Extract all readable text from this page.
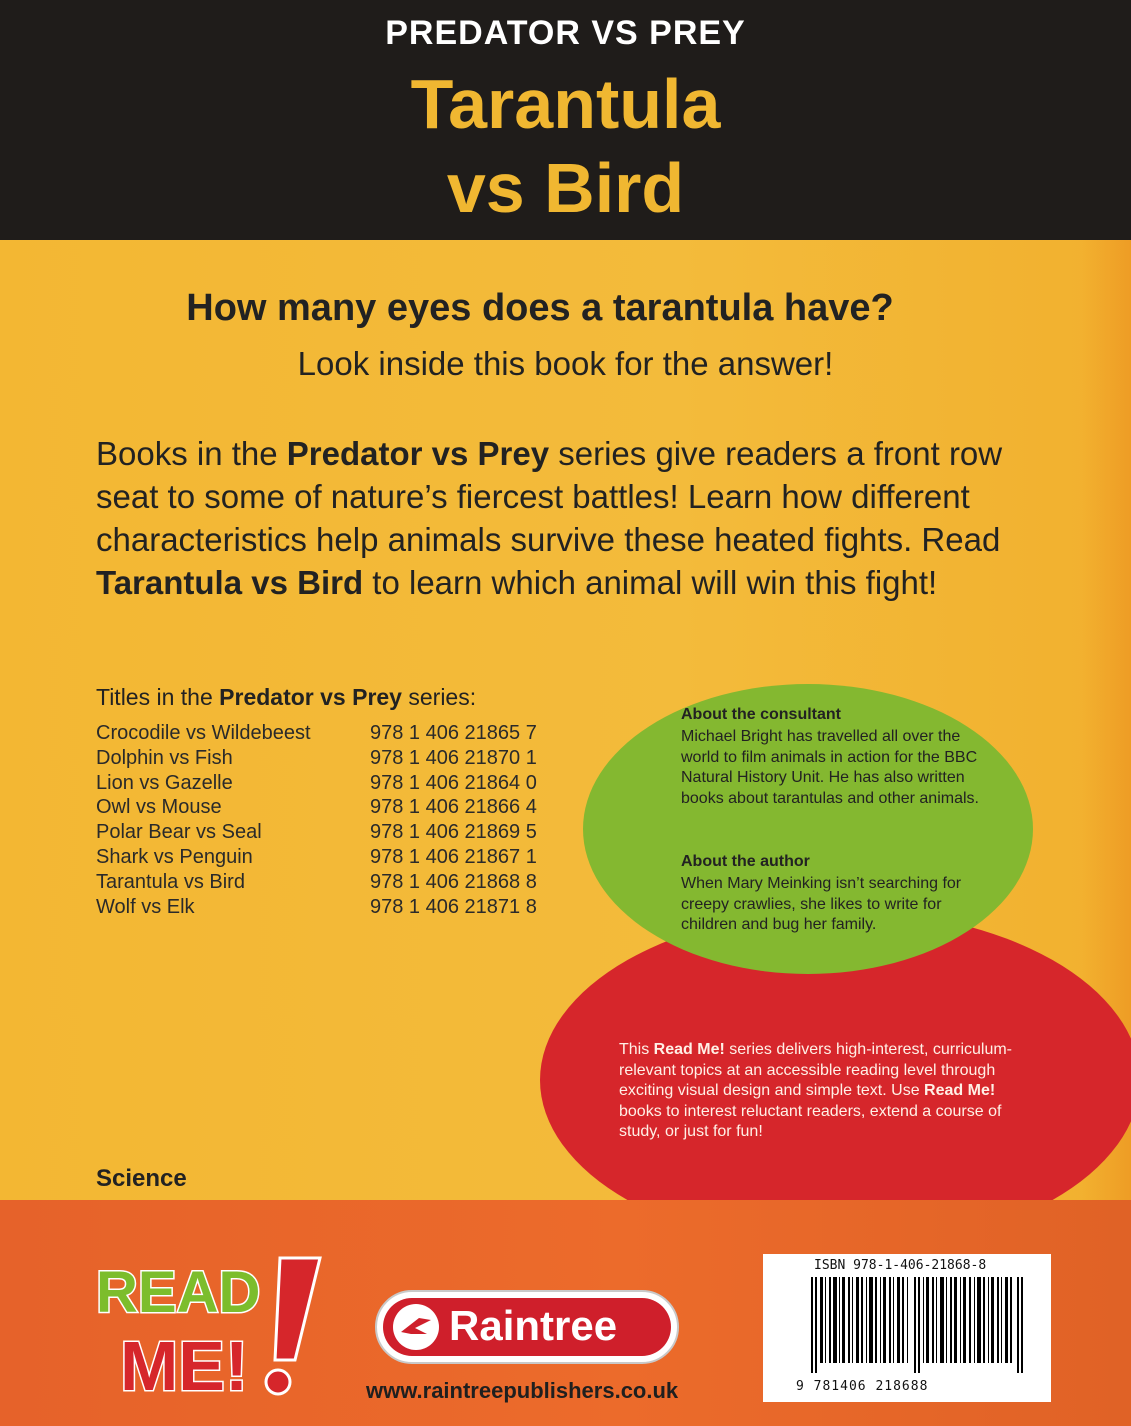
PREDATOR VS PREY
Tarantula
vs Bird
How many eyes does a tarantula have?
Look inside this book for the answer!
Books in the Predator vs Prey series give readers a front row seat to some of nature’s fiercest battles! Learn how different characteristics help animals survive these heated fights. Read Tarantula vs Bird to learn which animal will win this fight!
Titles in the Predator vs Prey series:
Crocodile vs Wildebeest	978 1 406 21865 7
Dolphin vs Fish	978 1 406 21870 1
Lion vs Gazelle	978 1 406 21864 0
Owl vs Mouse	978 1 406 21866 4
Polar Bear vs Seal	978 1 406 21869 5
Shark vs Penguin	978 1 406 21867 1
Tarantula vs Bird	978 1 406 21868 8
Wolf vs Elk	978 1 406 21871 8
About the consultant
Michael Bright has travelled all over the world to film animals in action for the BBC Natural History Unit. He has also written books about tarantulas and other animals.
About the author
When Mary Meinking isn’t searching for creepy crawlies, she likes to write for children and bug her family.
This Read Me! series delivers high-interest, curriculum-relevant topics at an accessible reading level through exciting visual design and simple text. Use Read Me! books to interest reluctant readers, extend a course of study, or just for fun!
Science
READ
ME!
Raintree
www.raintreepublishers.co.uk
ISBN 978-1-406-21868-8
9 781406 218688
